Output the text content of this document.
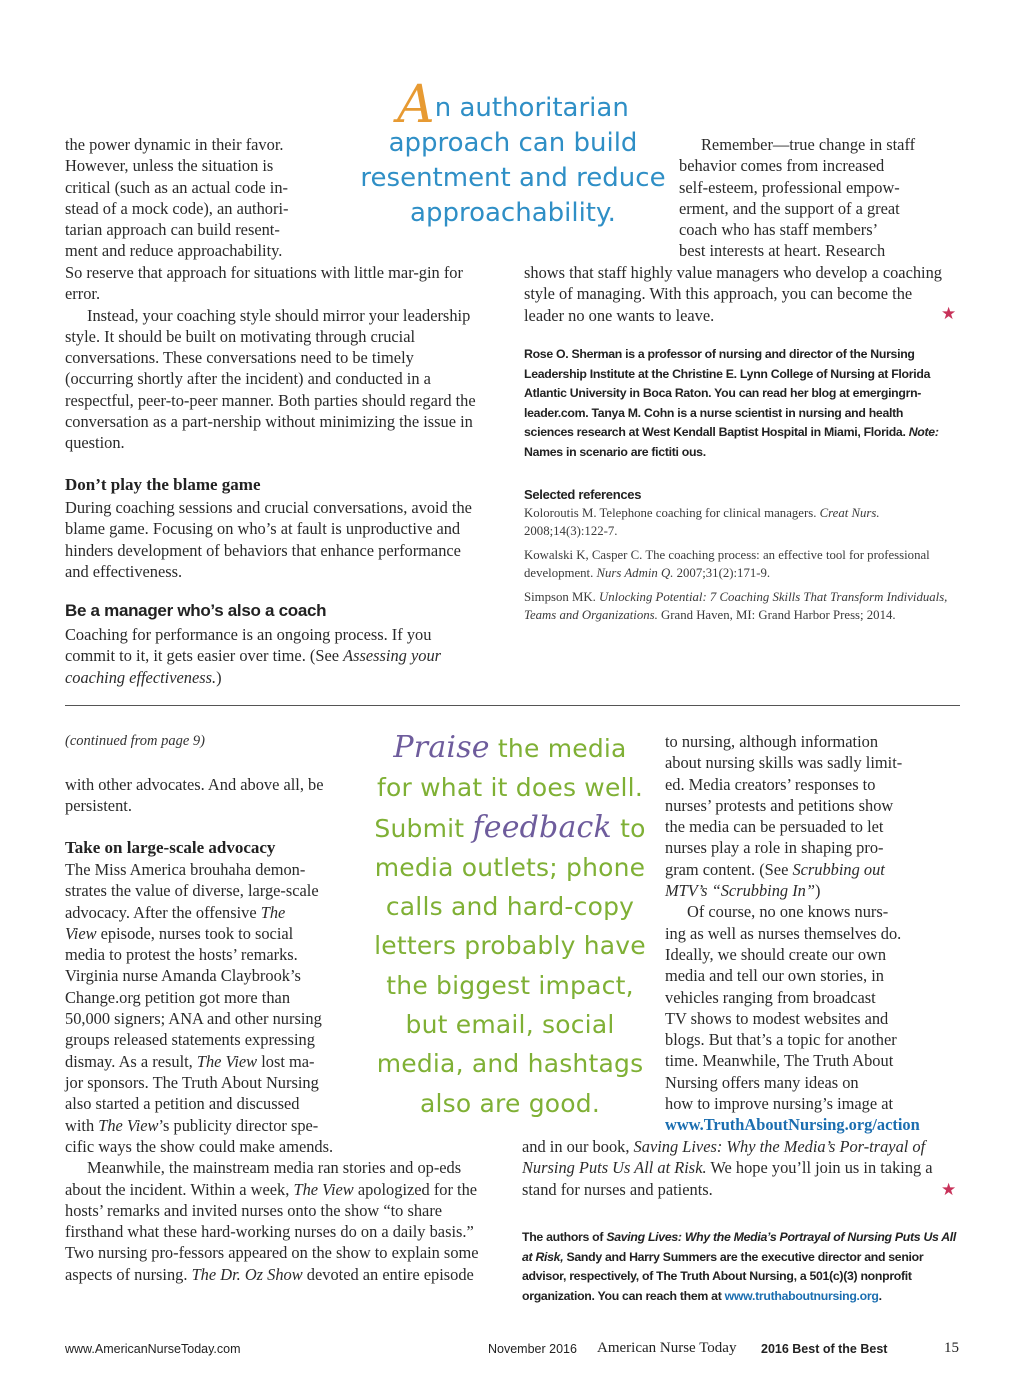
the power dynamic in their favor.
However, unless the situation is
critical (such as an actual code in-
stead of a mock code), an authori-
tarian approach can build resent-
ment and reduce approachability.

So reserve that approach for situations with little mar-gin for error.

Instead, your coaching style should mirror your leadership style. It should be built on motivating through crucial conversations. These conversations need to be timely (occurring shortly after the incident) and conducted in a respectful, peer-to-peer manner. Both parties should regard the conversation as a part-nership without minimizing the issue in question.

Don’t play the blame game

During coaching sessions and crucial conversations, avoid the blame game. Focusing on who’s at fault is unproductive and hinders development of behaviors that enhance performance and effectiveness.

Be a manager who’s also a coach

Coaching for performance is an ongoing process. If you commit to it, it gets easier over time. (See Assessing your coaching effectiveness.)

An authoritarian approach can build resentment and reduce approachability.
Remember—true change in staff
behavior comes from increased
self-esteem, professional empow-
erment, and the support of a great
coach who has staff members’
best interests at heart. Research

shows that staff highly value managers who develop a coaching style of managing. With this approach, you can become the leader no one wants to leave.	★
Rose O. Sherman is a professor of nursing and director of the Nursing Leadership Institute at the Christine E. Lynn College of Nursing at Florida Atlantic University in Boca Raton. You can read her blog at emergingrn-leader.com. Tanya M. Cohn is a nurse scientist in nursing and health sciences research at West Kendall Baptist Hospital in Miami, Florida. Note: Names in scenario are fictiti ous.

Selected references

Koloroutis M. Telephone coaching for clinical managers. Creat Nurs. 2008;14(3):122-7.

Kowalski K, Casper C. The coaching process: an effective tool for professional development. Nurs Admin Q. 2007;31(2):171-9.

Simpson MK. Unlocking Potential: 7 Coaching Skills That Transform Individuals, Teams and Organizations. Grand Haven, MI: Grand Harbor Press; 2014.

(continued from page 9)

with other advocates. And above all, be persistent.

Take on large-scale advocacy

The Miss America brouhaha demon-
strates the value of diverse, large-scale
advocacy. After the offensive The
View episode, nurses took to social
media to protest the hosts’ remarks.
Virginia nurse Amanda Claybrook’s
Change.org petition got more than
50,000 signers; ANA and other nursing
groups released statements expressing
dismay. As a result, The View lost ma-
jor sponsors. The Truth About Nursing
also started a petition and discussed
with The View’s publicity director spe-

cific ways the show could make amends.

Meanwhile, the mainstream media ran stories and op-eds about the incident. Within a week, The View apologized for the hosts’ remarks and invited nurses onto the show “to share firsthand what these hard-working nurses do on a daily basis.” Two nursing pro-fessors appeared on the show to explain some aspects of nursing. The Dr. Oz Show devoted an entire episode

Praise the media
for what it does well.
Submit feedback to
media outlets; phone
calls and hard-copy
letters probably have
the biggest impact,
but email, social
media, and hashtags
also are good.
to nursing, although information
about nursing skills was sadly limit-
ed. Media creators’ responses to
nurses’ protests and petitions show
the media can be persuaded to let
nurses play a role in shaping pro-
gram content. (See Scrubbing out
MTV’s “Scrubbing In”)
Of course, no one knows nurs-
ing as well as nurses themselves do.
Ideally, we should create our own
media and tell our own stories, in
vehicles ranging from broadcast
TV shows to modest websites and
blogs. But that’s a topic for another
time. Meanwhile, The Truth About
Nursing offers many ideas on
how to improve nursing’s image at
www.TruthAboutNursing.org/action

and in our book, Saving Lives: Why the Media’s Por-trayal of Nursing Puts Us All at Risk. We hope you’ll join us in taking a stand for nurses and patients.	★
The authors of Saving Lives: Why the Media’s Portrayal of Nursing Puts Us All at Risk, Sandy and Harry Summers are the executive director and senior advisor, respectively, of The Truth About Nursing, a 501(c)(3) nonprofit organization. You can reach them at www.truthaboutnursing.org.
www.AmericanNurseToday.com	November 2016 American Nurse Today 2016 Best of the Best	15
